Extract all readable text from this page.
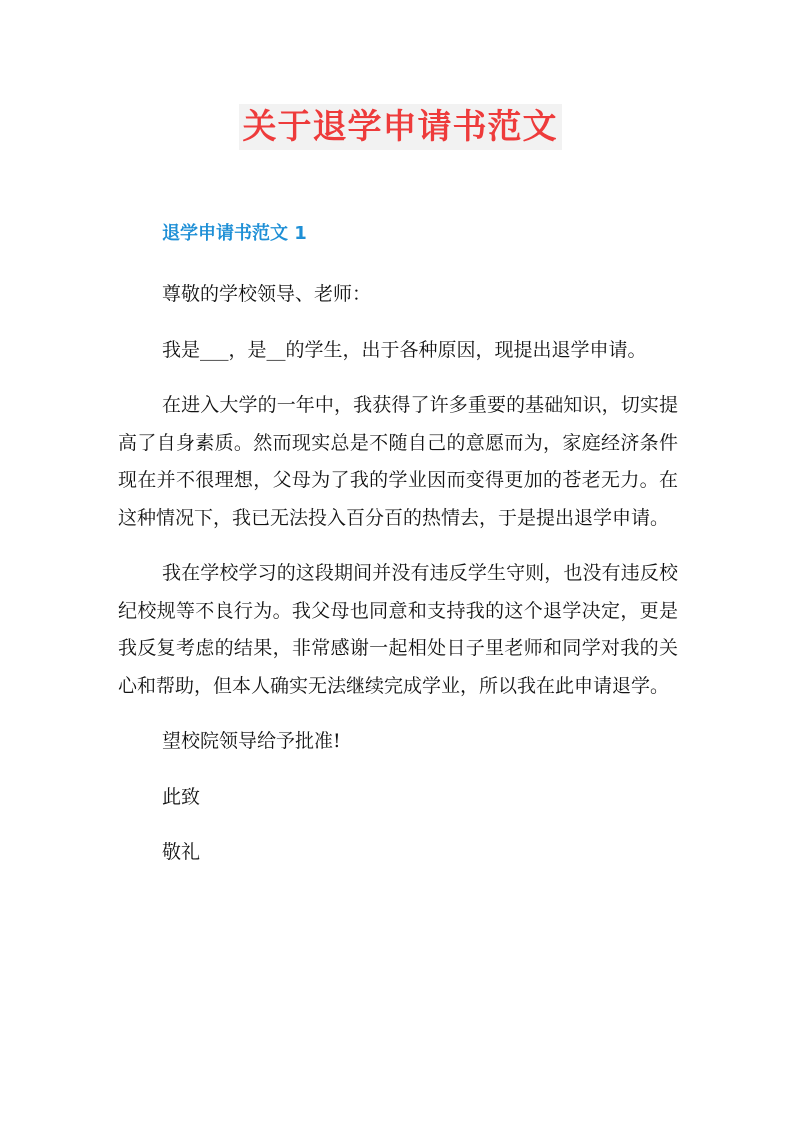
关于退学申请书范文
退学申请书范文 1

尊敬的学校领导、老师：

我是___，是__的学生，出于各种原因，现提出退学申请。

在进入大学的一年中，我获得了许多重要的基础知识，切实提高了自身素质。然而现实总是不随自己的意愿而为，家庭经济条件现在并不很理想，父母为了我的学业因而变得更加的苍老无力。在这种情况下，我已无法投入百分百的热情去，于是提出退学申请。

我在学校学习的这段期间并没有违反学生守则，也没有违反校纪校规等不良行为。我父母也同意和支持我的这个退学决定，更是我反复考虑的结果，非常感谢一起相处日子里老师和同学对我的关心和帮助，但本人确实无法继续完成学业，所以我在此申请退学。

望校院领导给予批准!

此致

敬礼
